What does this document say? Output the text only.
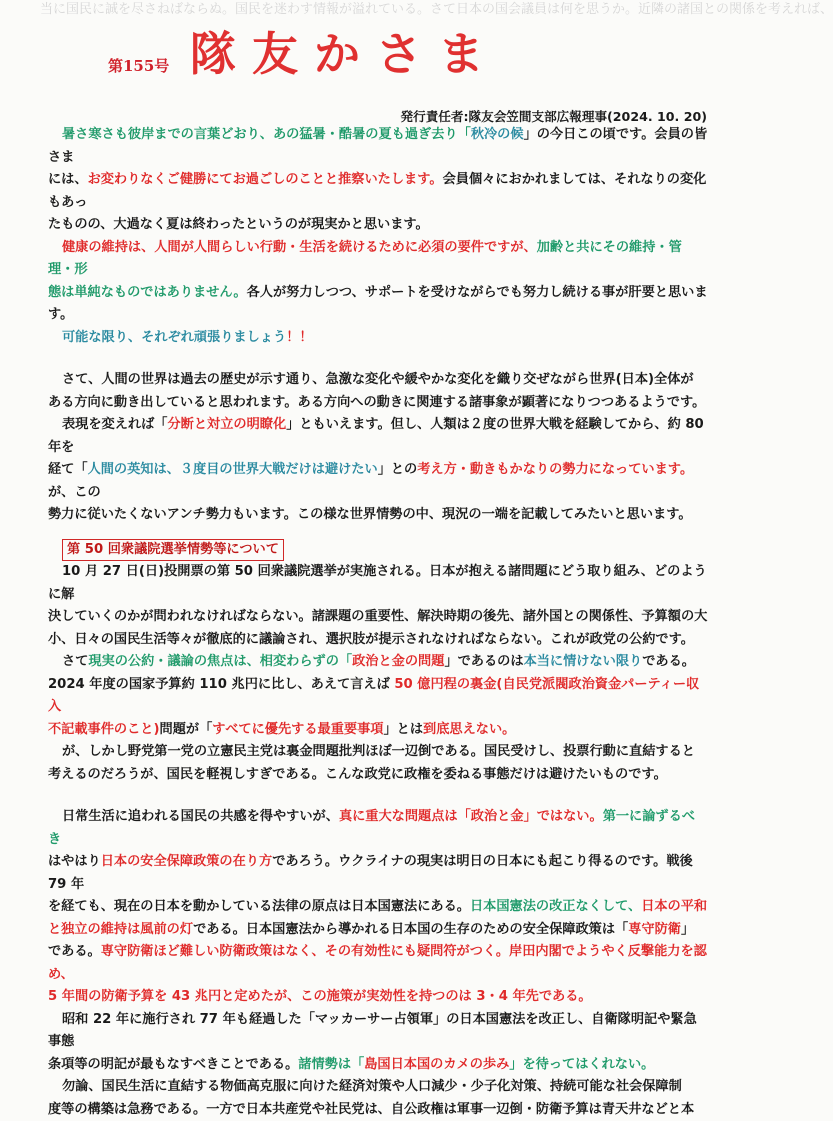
当に国民に誠を尽さねばならぬ。国民を迷わす情報が溢れている。さて日本の国会議員は何を思うか。近隣の諸国との関係を考えれば、
第155号 隊友かさま
発行責任者:隊友会笠間支部広報理事(2024. 10. 20)

暑さ寒さも彼岸までの言葉どおり、あの猛暑・酷暑の夏も過ぎ去り「秋冷の候」の今日この頃です。会員の皆さま

には、お変わりなくご健勝にてお過ごしのことと推察いたします。会員個々におかれましては、それなりの変化もあっ

たものの、大過なく夏は終わったというのが現実かと思います。

健康の維持は、人間が人間らしい行動・生活を続けるために必須の要件ですが、加齢と共にその維持・管理・形

態は単純なものではありません。各人が努力しつつ、サポートを受けながらでも努力し続ける事が肝要と思います。

可能な限り、それぞれ頑張りましょう！！

さて、人間の世界は過去の歴史が示す通り、急激な変化や緩やかな変化を織り交ぜながら世界(日本)全体が

ある方向に動き出していると思われます。ある方向への動きに関連する諸事象が顕著になりつつあるようです。

表現を変えれば「分断と対立の明瞭化」ともいえます。但し、人類は２度の世界大戦を経験してから、約 80 年を

経て「人間の英知は、３度目の世界大戦だけは避けたい」との考え方・動きもかなりの勢力になっています。が、この

勢力に従いたくないアンチ勢力もいます。この様な世界情勢の中、現況の一端を記載してみたいと思います。

第 50 回衆議院選挙情勢等について

10 月 27 日(日)投開票の第 50 回衆議院選挙が実施される。日本が抱える諸問題にどう取り組み、どのように解

決していくのかが問われなければならない。諸課題の重要性、解決時期の後先、諸外国との関係性、予算額の大

小、日々の国民生活等々が徹底的に議論され、選択肢が提示されなければならない。これが政党の公約です。

さて現実の公約・議論の焦点は、相変わらずの「政治と金の問題」であるのは本当に情けない限りである。

2024 年度の国家予算約 110 兆円に比し、あえて言えば 50 億円程の裏金(自民党派閥政治資金パーティー収入

不記載事件のこと)問題が「すべてに優先する最重要事項」とは到底思えない。

が、しかし野党第一党の立憲民主党は裏金問題批判ほぼ一辺倒である。国民受けし、投票行動に直結すると

考えるのだろうが、国民を軽視しすぎである。こんな政党に政権を委ねる事態だけは避けたいものです。

日常生活に追われる国民の共感を得やすいが、真に重大な問題点は「政治と金」ではない。第一に論ずるべき

はやはり日本の安全保障政策の在り方であろう。ウクライナの現実は明日の日本にも起こり得るのです。戦後 79 年

を経ても、現在の日本を動かしている法律の原点は日本国憲法にある。日本国憲法の改正なくして、日本の平和

と独立の維持は風前の灯である。日本国憲法から導かれる日本国の生存のための安全保障政策は「専守防衛」

である。専守防衛ほど難しい防衛政策はなく、その有効性にも疑問符がつく。岸田内閣でようやく反撃能力を認め、

5 年間の防衛予算を 43 兆円と定めたが、この施策が実効性を持つのは 3・4 年先である。

昭和 22 年に施行され 77 年も経過した「マッカーサー占領軍」の日本国憲法を改正し、自衛隊明記や緊急事態

条項等の明記が最もなすべきことである。諸情勢は「島国日本国のカメの歩み」を待ってはくれない。

勿論、国民生活に直結する物価高克服に向けた経済対策や人口減少・少子化対策、持続可能な社会保障制

度等の構築は急務である。一方で日本共産党や社民党は、自公政権は軍事一辺倒・防衛予算は青天井などと本
